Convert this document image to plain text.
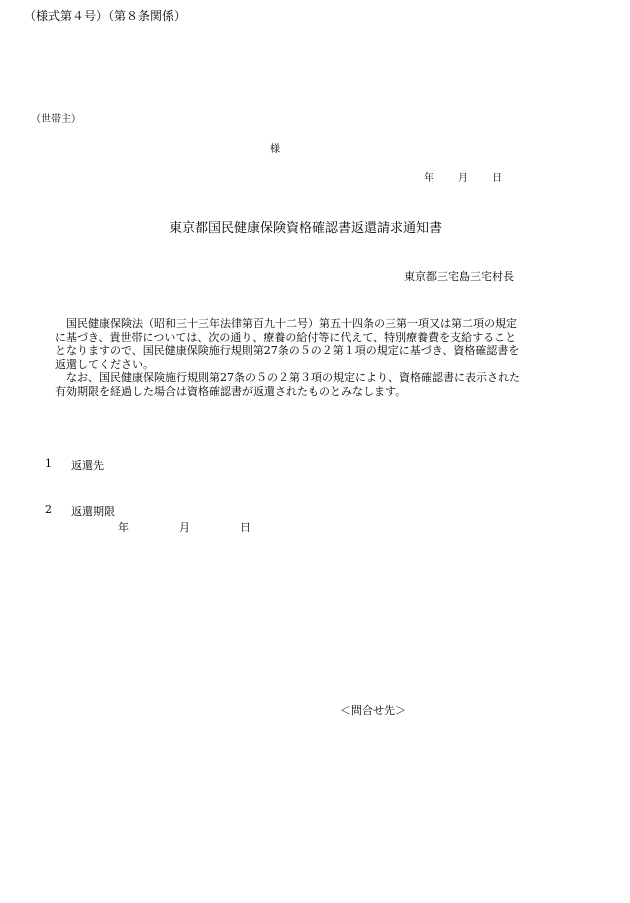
（様式第４号）（第８条関係）
（世帯主）
様
年 月 日
東京都国民健康保険資格確認書返還請求通知書
東京都三宅島三宅村長
　国民健康保険法（昭和三十三年法律第百九十二号）第五十四条の三第一項又は第二項の規定
に基づき、貴世帯については、次の通り、療養の給付等に代えて、特別療養費を支給すること
となりますので、国民健康保険施行規則第27条の５の２第１項の規定に基づき、資格確認書を
返還してください。
　なお、国民健康保険施行規則第27条の５の２第３項の規定により、資格確認書に表示された
有効期限を経過した場合は資格確認書が返還されたものとみなします。
1 返還先
2 返還期限
年	月	日
＜問合せ先＞
